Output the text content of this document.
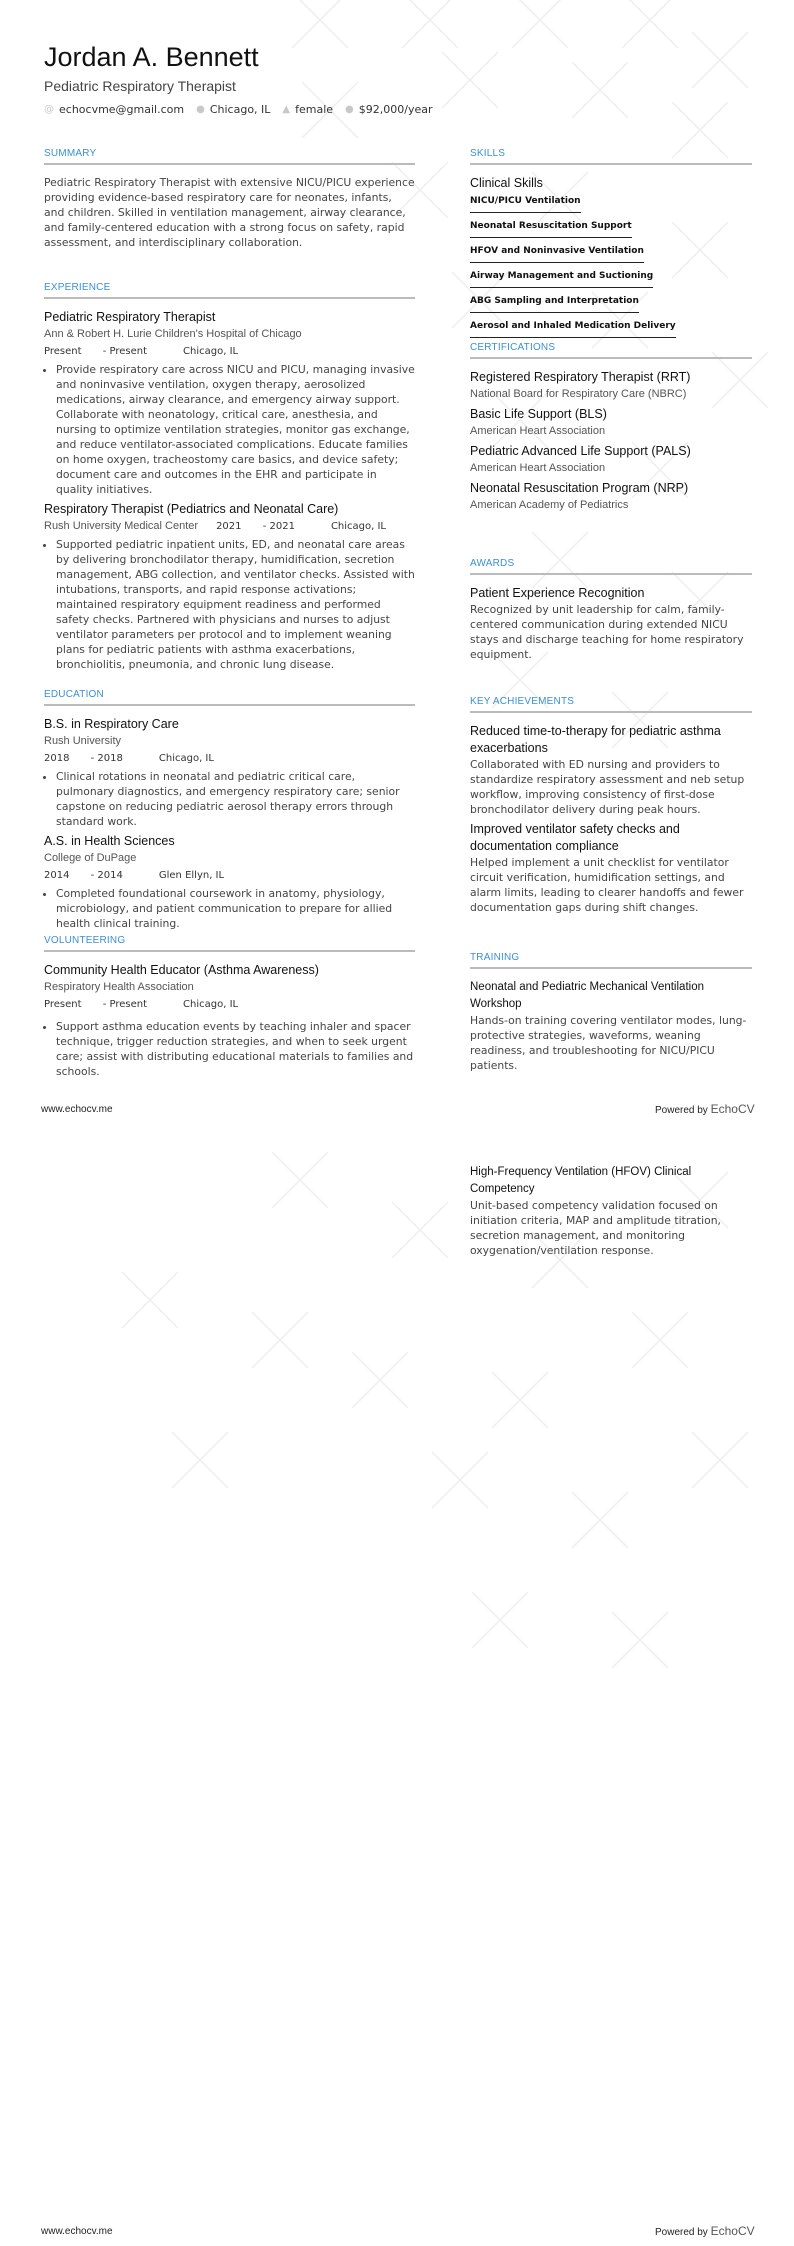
Jordan A. Bennett
Pediatric Respiratory Therapist
@ echocvme@gmail.com ● Chicago, IL ▲ female ● $92,000/year
SUMMARY
Pediatric Respiratory Therapist with extensive NICU/PICU experience providing evidence-based respiratory care for neonates, infants, and children. Skilled in ventilation management, airway clearance, and family-centered education with a strong focus on safety, rapid assessment, and interdisciplinary collaboration.
EXPERIENCE
Pediatric Respiratory Therapist
Ann & Robert H. Lurie Children's Hospital of Chicago
Present - Present	Chicago, IL
• Provide respiratory care across NICU and PICU, managing invasive and noninvasive ventilation, oxygen therapy, aerosolized medications, airway clearance, and emergency airway support. Collaborate with neonatology, critical care, anesthesia, and nursing to optimize ventilation strategies, monitor gas exchange, and reduce ventilator-associated complications. Educate families on home oxygen, tracheostomy care basics, and device safety; document care and outcomes in the EHR and participate in quality initiatives.
Respiratory Therapist (Pediatrics and Neonatal Care)
Rush University Medical Center 2021 - 2021	Chicago, IL
• Supported pediatric inpatient units, ED, and neonatal care areas by delivering bronchodilator therapy, humidification, secretion management, ABG collection, and ventilator checks. Assisted with intubations, transports, and rapid response activations; maintained respiratory equipment readiness and performed safety checks. Partnered with physicians and nurses to adjust ventilator parameters per protocol and to implement weaning plans for pediatric patients with asthma exacerbations, bronchiolitis, pneumonia, and chronic lung disease.
EDUCATION
B.S. in Respiratory Care
Rush University
2018 - 2018	Chicago, IL
• Clinical rotations in neonatal and pediatric critical care, pulmonary diagnostics, and emergency respiratory care; senior capstone on reducing pediatric aerosol therapy errors through standard work.
A.S. in Health Sciences
College of DuPage
2014 - 2014	Glen Ellyn, IL
• Completed foundational coursework in anatomy, physiology, microbiology, and patient communication to prepare for allied health clinical training.
VOLUNTEERING
Community Health Educator (Asthma Awareness)
Respiratory Health Association
Present - Present	Chicago, IL
• Support asthma education events by teaching inhaler and spacer technique, trigger reduction strategies, and when to seek urgent care; assist with distributing educational materials to families and schools.
SKILLS
Clinical Skills
NICU/PICU Ventilation
Neonatal Resuscitation Support
HFOV and Noninvasive Ventilation
Airway Management and Suctioning
ABG Sampling and Interpretation
Aerosol and Inhaled Medication Delivery
CERTIFICATIONS
Registered Respiratory Therapist (RRT)
National Board for Respiratory Care (NBRC)
Basic Life Support (BLS)
American Heart Association
Pediatric Advanced Life Support (PALS)
American Heart Association
Neonatal Resuscitation Program (NRP)
American Academy of Pediatrics
AWARDS
Patient Experience Recognition
Recognized by unit leadership for calm, family-centered communication during extended NICU stays and discharge teaching for home respiratory equipment.
KEY ACHIEVEMENTS
Reduced time-to-therapy for pediatric asthma exacerbations
Collaborated with ED nursing and providers to standardize respiratory assessment and neb setup workflow, improving consistency of first-dose bronchodilator delivery during peak hours.
Improved ventilator safety checks and documentation compliance
Helped implement a unit checklist for ventilator circuit verification, humidification settings, and alarm limits, leading to clearer handoffs and fewer documentation gaps during shift changes.
TRAINING
Neonatal and Pediatric Mechanical Ventilation Workshop
Hands-on training covering ventilator modes, lung-protective strategies, waveforms, weaning readiness, and troubleshooting for NICU/PICU patients.
www.echocv.me	Powered by EchoCV
High-Frequency Ventilation (HFOV) Clinical Competency
Unit-based competency validation focused on initiation criteria, MAP and amplitude titration, secretion management, and monitoring oxygenation/ventilation response.
www.echocv.me	Powered by EchoCV
